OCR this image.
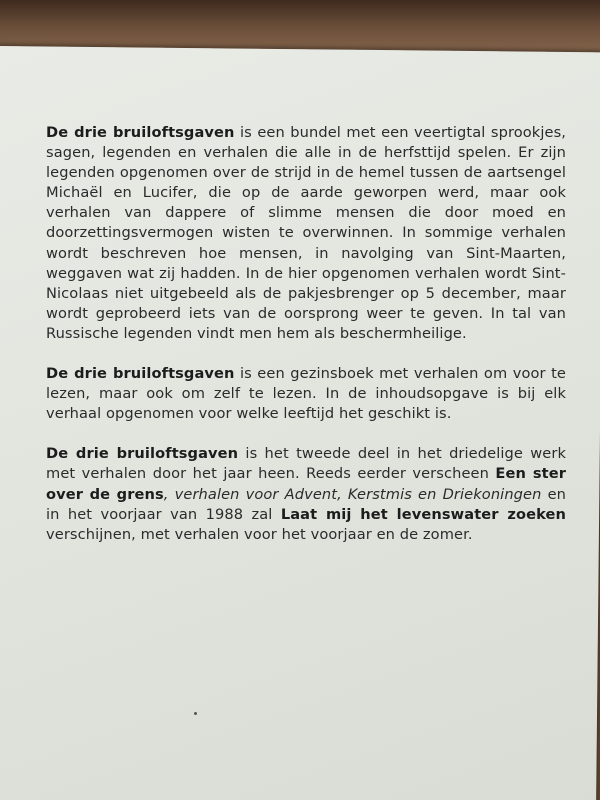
De drie bruiloftsgaven is een bundel met een veertigtal sprookjes, sagen, legenden en verhalen die alle in de herfsttijd spelen. Er zijn legenden opgenomen over de strijd in de hemel tussen de aartsengel Michaël en Lucifer, die op de aarde geworpen werd, maar ook verhalen van dappere of slimme mensen die door moed en doorzettingsvermogen wisten te overwinnen. In sommige verhalen wordt beschreven hoe mensen, in navolging van Sint-Maarten, weggaven wat zij hadden. In de hier opgenomen verhalen wordt Sint-Nicolaas niet uitgebeeld als de pakjesbrenger op 5 december, maar wordt geprobeerd iets van de oorsprong weer te geven. In tal van Russische legenden vindt men hem als beschermheilige.

De drie bruiloftsgaven is een gezinsboek met verhalen om voor te lezen, maar ook om zelf te lezen. In de inhoudsopgave is bij elk verhaal opgenomen voor welke leeftijd het geschikt is.

De drie bruiloftsgaven is het tweede deel in het driedelige werk met verhalen door het jaar heen. Reeds eerder verscheen Een ster over de grens, verhalen voor Advent, Kerstmis en Driekoningen en in het voorjaar van 1988 zal Laat mij het levenswater zoeken verschijnen, met verhalen voor het voorjaar en de zomer.
